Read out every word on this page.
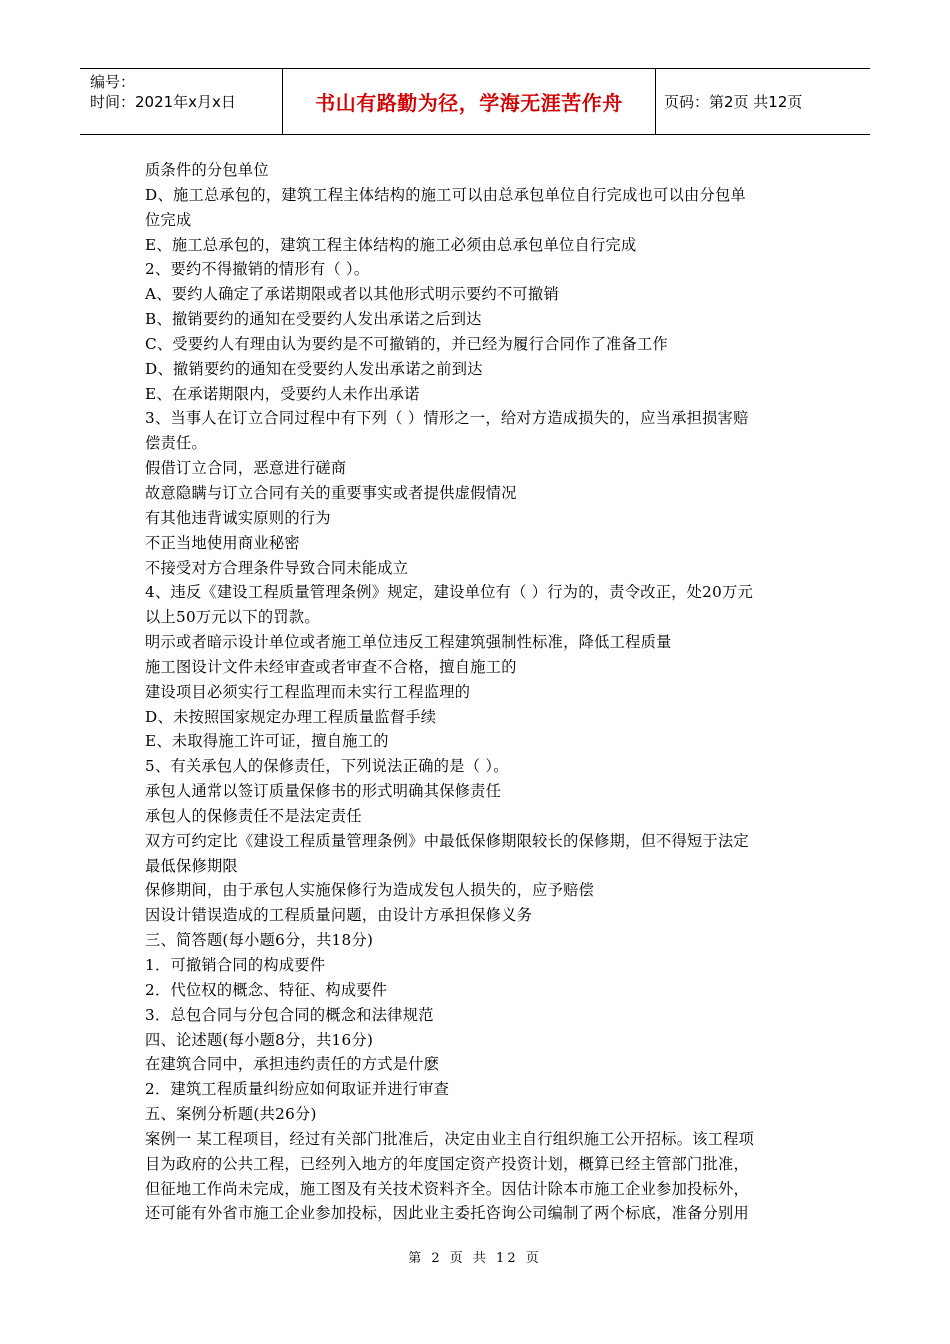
编号：
时间：2021年x月x日	书山有路勤为径，学海无涯苦作舟	页码：第2页 共12页
质条件的分包单位
D、施工总承包的，建筑工程主体结构的施工可以由总承包单位自行完成也可以由分包单
位完成
E、施工总承包的，建筑工程主体结构的施工必须由总承包单位自行完成
2、要约不得撤销的情形有（ ）。
A、要约人确定了承诺期限或者以其他形式明示要约不可撤销
B、撤销要约的通知在受要约人发出承诺之后到达
C、受要约人有理由认为要约是不可撤销的，并已经为履行合同作了准备工作
D、撤销要约的通知在受要约人发出承诺之前到达
E、在承诺期限内，受要约人未作出承诺
3、当事人在订立合同过程中有下列（ ）情形之一，给对方造成损失的，应当承担损害赔
偿责任。
假借订立合同，恶意进行磋商
故意隐瞒与订立合同有关的重要事实或者提供虚假情况
有其他违背诚实原则的行为
不正当地使用商业秘密
不接受对方合理条件导致合同未能成立
4、违反《建设工程质量管理条例》规定，建设单位有（ ）行为的，责令改正，处20万元
以上50万元以下的罚款。
明示或者暗示设计单位或者施工单位违反工程建筑强制性标准，降低工程质量
施工图设计文件未经审查或者审查不合格，擅自施工的
建设项目必须实行工程监理而未实行工程监理的
D、未按照国家规定办理工程质量监督手续
E、未取得施工许可证，擅自施工的
5、有关承包人的保修责任，下列说法正确的是（ ）。
承包人通常以签订质量保修书的形式明确其保修责任
承包人的保修责任不是法定责任
双方可约定比《建设工程质量管理条例》中最低保修期限较长的保修期，但不得短于法定
最低保修期限
保修期间，由于承包人实施保修行为造成发包人损失的，应予赔偿
因设计错误造成的工程质量问题，由设计方承担保修义务
三、简答题(每小题6分，共18分)
1．可撤销合同的构成要件
2．代位权的概念、特征、构成要件
3．总包合同与分包合同的概念和法律规范
四、论述题(每小题8分，共16分)
在建筑合同中，承担违约责任的方式是什麽
2．建筑工程质量纠纷应如何取证并进行审查
五、案例分析题(共26分)
案例一 某工程项目，经过有关部门批准后，决定由业主自行组织施工公开招标。该工程项
目为政府的公共工程，已经列入地方的年度国定资产投资计划，概算已经主管部门批准，
但征地工作尚未完成，施工图及有关技术资料齐全。因估计除本市施工企业参加投标外，
还可能有外省市施工企业参加投标，因此业主委托咨询公司编制了两个标底，准备分别用
第 2 页 共 12 页
